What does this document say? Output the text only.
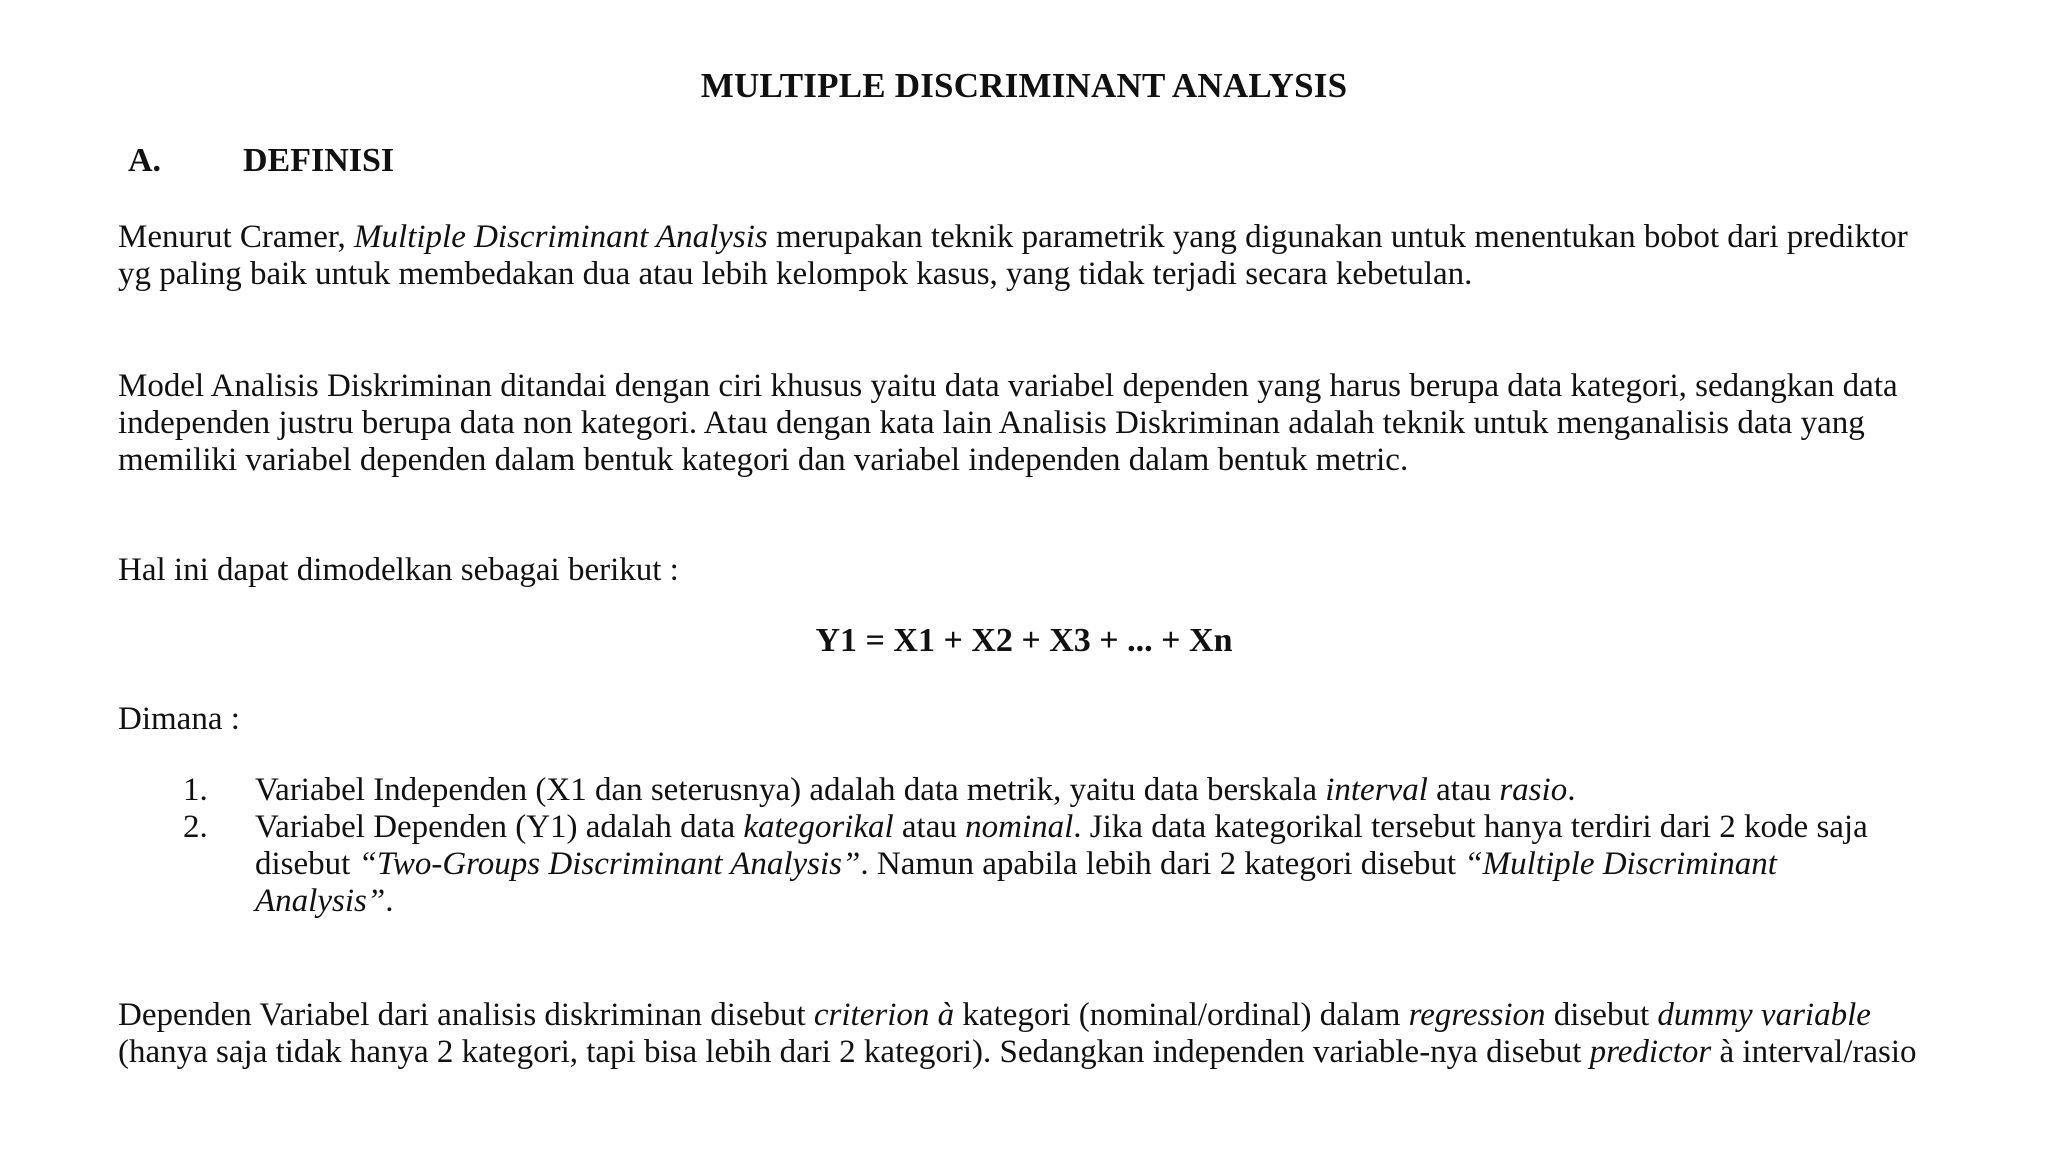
MULTIPLE DISCRIMINANT ANALYSIS
A.	DEFINISI

Menurut Cramer, Multiple Discriminant Analysis merupakan teknik parametrik yang digunakan untuk menentukan bobot dari prediktor yg paling baik untuk membedakan dua atau lebih kelompok kasus, yang tidak terjadi secara kebetulan.

Model Analisis Diskriminan ditandai dengan ciri khusus yaitu data variabel dependen yang harus berupa data kategori, sedangkan data independen justru berupa data non kategori. Atau dengan kata lain Analisis Diskriminan adalah teknik untuk menganalisis data yang memiliki variabel dependen dalam bentuk kategori dan variabel independen dalam bentuk metric.

Hal ini dapat dimodelkan sebagai berikut :

Y1 = X1 + X2 + X3 + ... + Xn

Dimana :

1.	Variabel Independen (X1 dan seterusnya) adalah data metrik, yaitu data berskala interval atau rasio.
2.	Variabel Dependen (Y1) adalah data kategorikal atau nominal. Jika data kategorikal tersebut hanya terdiri dari 2 kode saja disebut “Two-Groups Discriminant Analysis”. Namun apabila lebih dari 2 kategori disebut “Multiple Discriminant Analysis”.

Dependen Variabel dari analisis diskriminan disebut criterion à kategori (nominal/ordinal) dalam regression disebut dummy variable (hanya saja tidak hanya 2 kategori, tapi bisa lebih dari 2 kategori). Sedangkan independen variable-nya disebut predictor à interval/rasio
